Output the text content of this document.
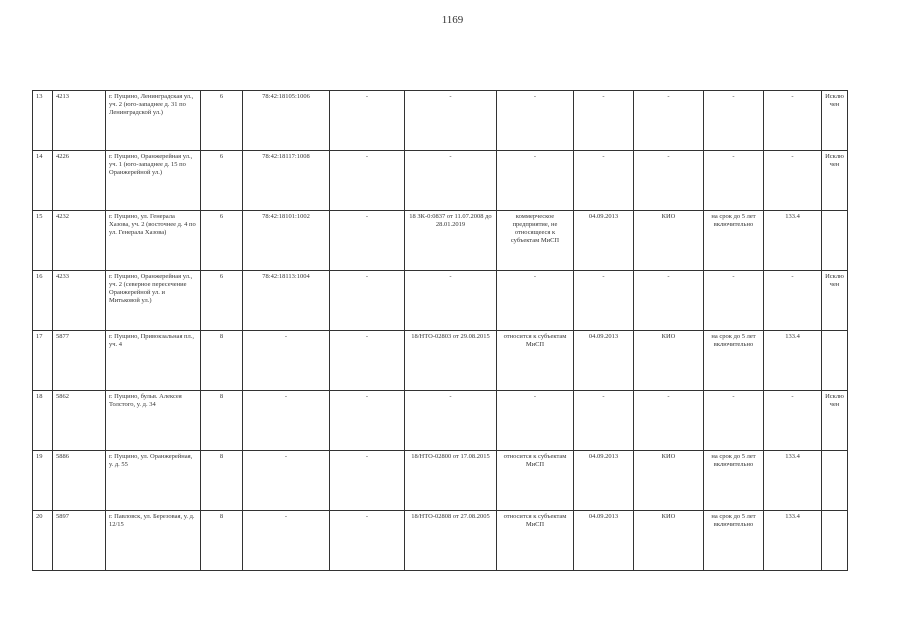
1169
13	4213	г. Пущино, Ленинградская ул., уч. 2 (юго-западнее д. 31 по Ленинградской ул.)	6	78:42:18105:1006	-	-	-	-	-	-	-	Исключен
14	4226	г. Пущино, Оранжерейная ул., уч. 1 (юго-западнее д. 15 по Оранжерейной ул.)	6	78:42:18117:1008	-	-	-	-	-	-	-	Исключен
15	4232	г. Пущино, ул. Генерала Хазова, уч. 2 (восточнее д. 4 по ул. Генерала Хазова)	6	78:42:18101:1002	-	18 ЗК-0:0837 от 11.07.2008 до 28.01.2019	коммерческое предприятие, не относящееся к субъектам МиСП	04.09.2013	КИО	на срок до 5 лет включительно	133.4	
16	4233	г. Пущино, Оранжерейная ул., уч. 2 (северное пересечение Оранжерейной ул. и Митьковой ул.)	6	78:42:18113:1004	-	-	-	-	-	-	-	Исключен
17	5877	г. Пущино, Привокзальная пл., уч. 4	8	-	-	18/НТО-02803 от 29.08.2015	относится к субъектам МиСП	04.09.2013	КИО	на срок до 5 лет включительно	133.4	
18	5862	г. Пущино, бульв. Алексея Толстого, у. д. 34	8	-	-	-	-	-	-	-	-	Исключен
19	5886	г. Пущино, ул. Оранжерейная, у. д. 55	8	-	-	18/НТО-02800 от 17.08.2015	относится к субъектам МиСП	04.09.2013	КИО	на срок до 5 лет включительно	133.4	
20	5897	г. Павловск, ул. Березовая, у. д. 12/15	8	-	-	18/НТО-02808 от 27.08.2005	относится к субъектам МиСП	04.09.2013	КИО	на срок до 5 лет включительно	133.4	
